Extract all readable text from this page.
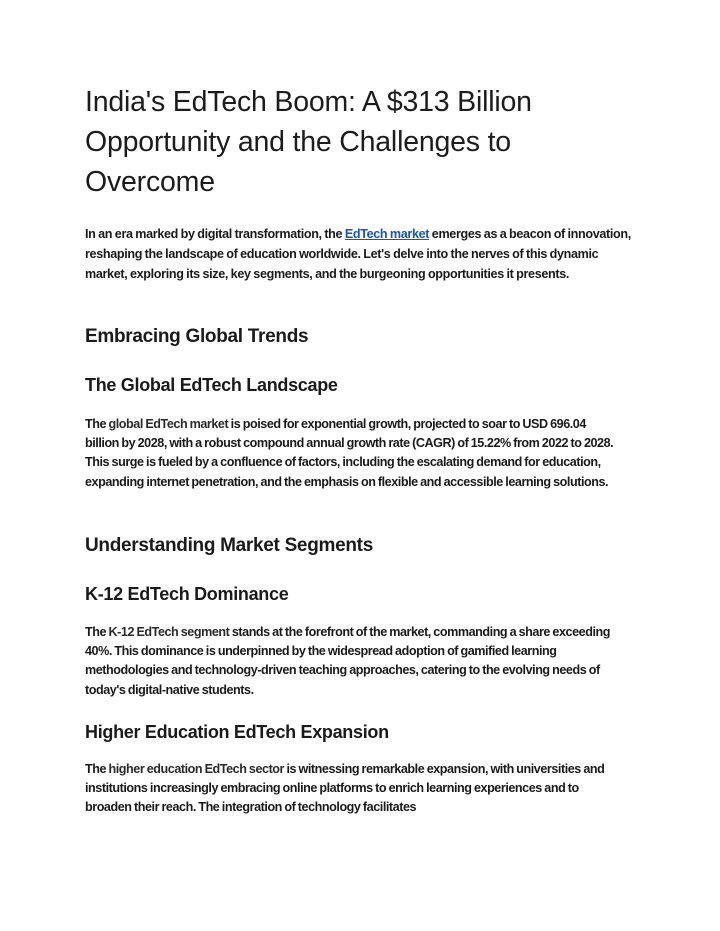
India's EdTech Boom: A $313 Billion Opportunity and the Challenges to Overcome

In an era marked by digital transformation, the EdTech market emerges as a beacon of innovation, reshaping the landscape of education worldwide. Let's delve into the nerves of this dynamic market, exploring its size, key segments, and the burgeoning opportunities it presents.

Embracing Global Trends
The Global EdTech Landscape

The global EdTech market is poised for exponential growth, projected to soar to USD 696.04 billion by 2028, with a robust compound annual growth rate (CAGR) of 15.22% from 2022 to 2028. This surge is fueled by a confluence of factors, including the escalating demand for education, expanding internet penetration, and the emphasis on flexible and accessible learning solutions.

Understanding Market Segments
K-12 EdTech Dominance

The K-12 EdTech segment stands at the forefront of the market, commanding a share exceeding 40%. This dominance is underpinned by the widespread adoption of gamified learning methodologies and technology-driven teaching approaches, catering to the evolving needs of today's digital-native students.

Higher Education EdTech Expansion

The higher education EdTech sector is witnessing remarkable expansion, with universities and institutions increasingly embracing online platforms to enrich learning experiences and to broaden their reach. The integration of technology facilitates
